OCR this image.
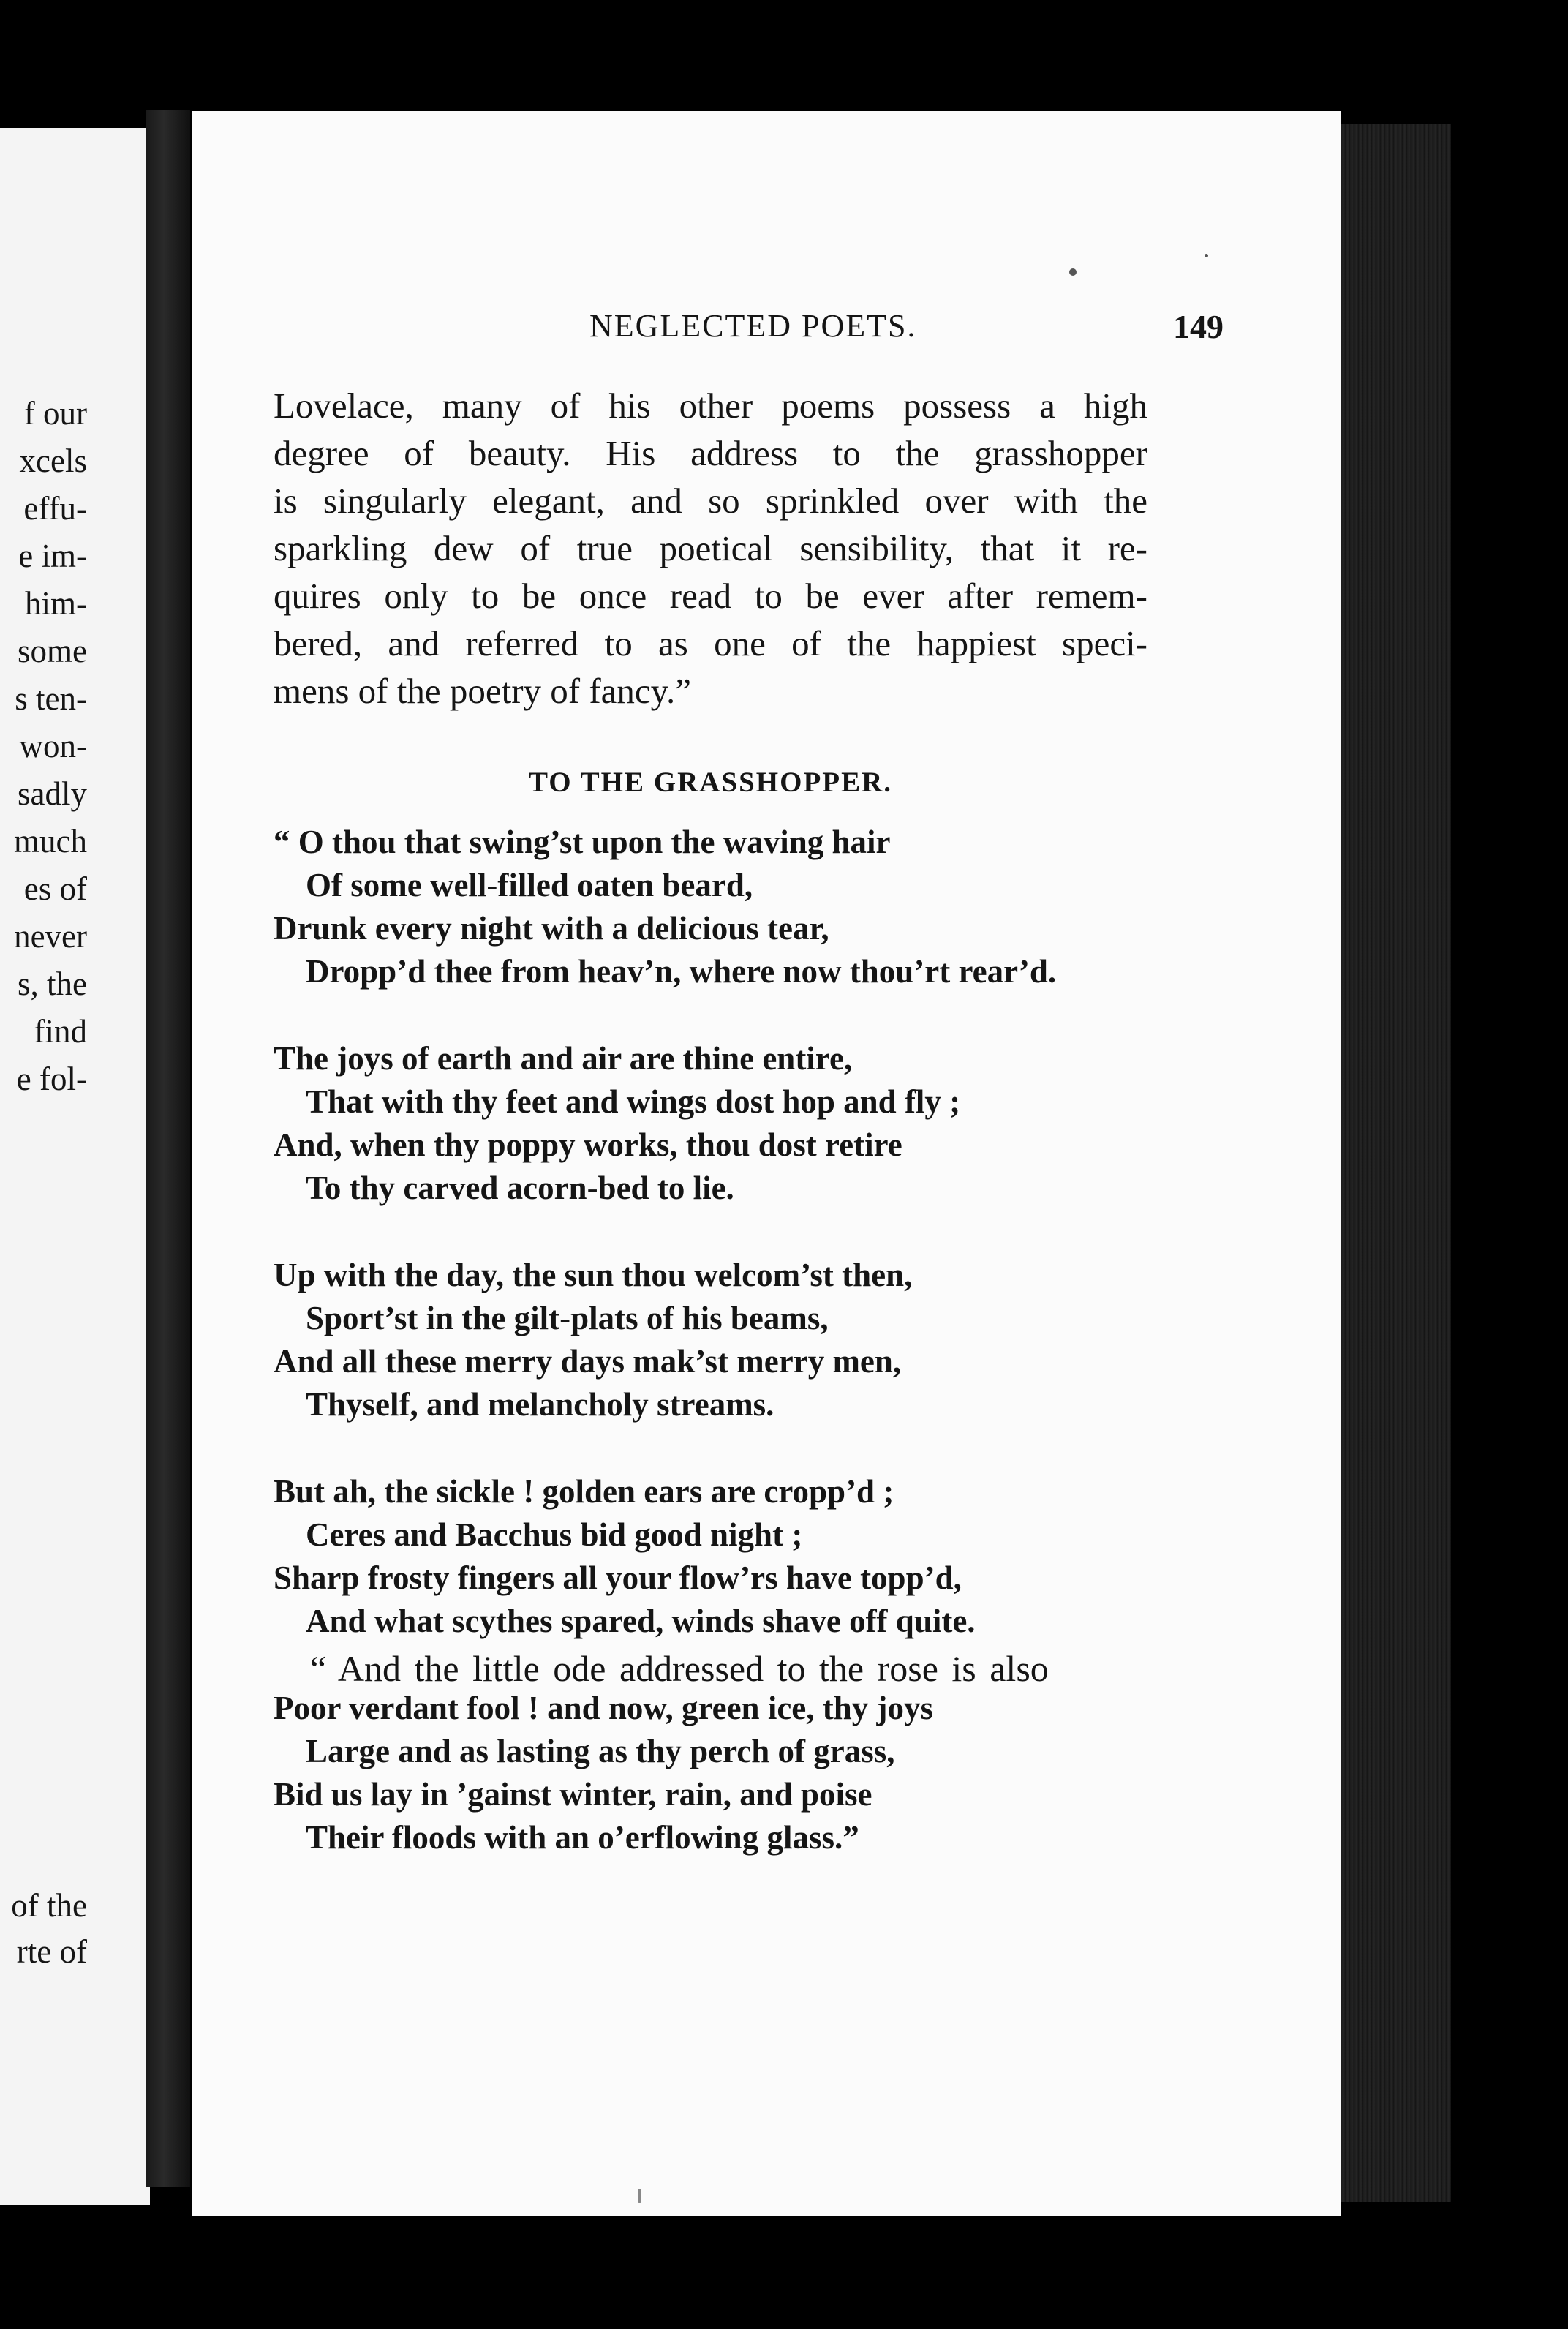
f our
xcels
effu-
e im-
him-
some
s ten-
won-
sadly
much
es of
never
s, the
find
e fol-
of the
rte of
NEGLECTED POETS.	149
Lovelace, many of his other poems possess a high
degree of beauty. His address to the grasshopper
is singularly elegant, and so sprinkled over with the
sparkling dew of true poetical sensibility, that it re-
quires only to be once read to be ever after remem-
bered, and referred to as one of the happiest speci-
mens of the poetry of fancy.”
TO THE GRASSHOPPER.
“ O thou that swing’st upon the waving hair
Of some well-filled oaten beard,
Drunk every night with a delicious tear,
Dropp’d thee from heav’n, where now thou’rt rear’d.
The joys of earth and air are thine entire,
That with thy feet and wings dost hop and fly ;
And, when thy poppy works, thou dost retire
To thy carved acorn-bed to lie.
Up with the day, the sun thou welcom’st then,
Sport’st in the gilt-plats of his beams,
And all these merry days mak’st merry men,
Thyself, and melancholy streams.
But ah, the sickle ! golden ears are cropp’d ;
Ceres and Bacchus bid good night ;
Sharp frosty fingers all your flow’rs have topp’d,
And what scythes spared, winds shave off quite.
Poor verdant fool ! and now, green ice, thy joys
Large and as lasting as thy perch of grass,
Bid us lay in ’gainst winter, rain, and poise
Their floods with an o’erflowing glass.”
“ And the little ode addressed to the rose is also
